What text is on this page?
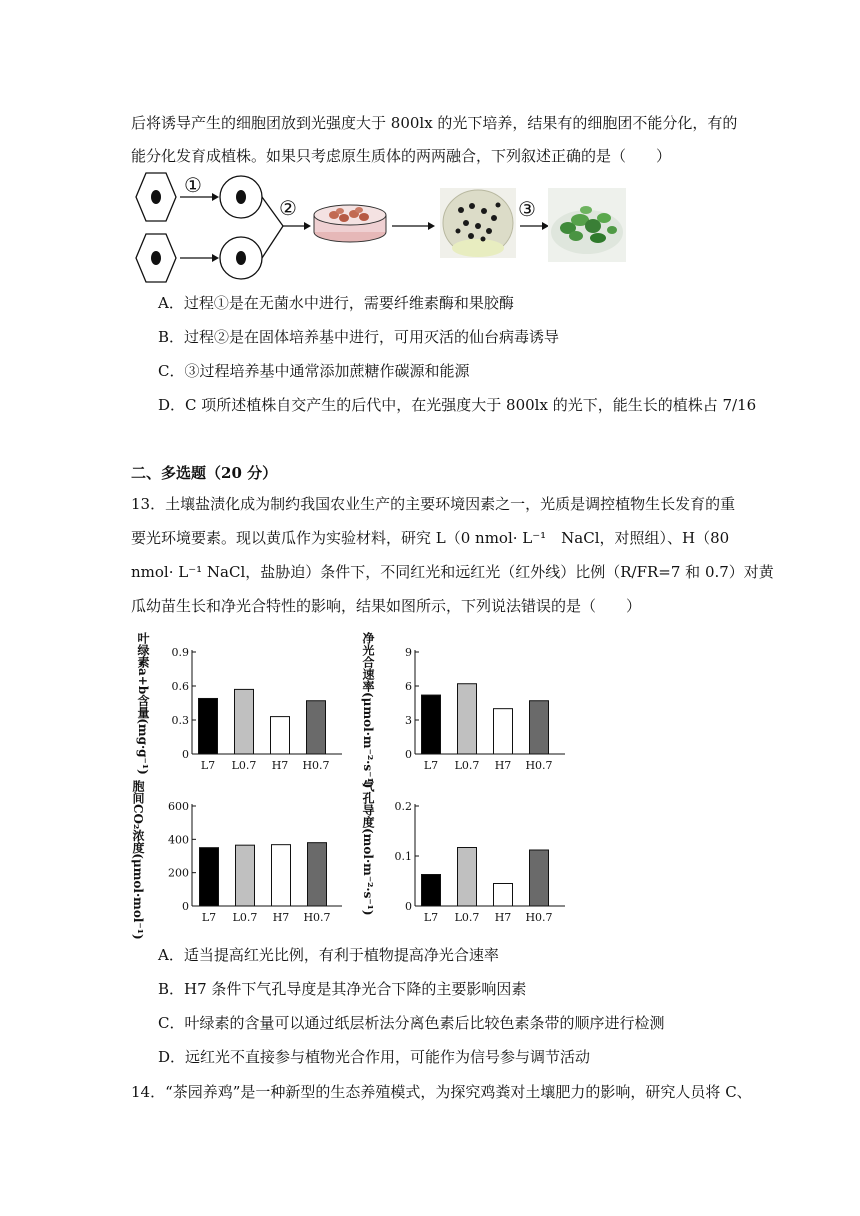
后将诱导产生的细胞团放到光强度大于 800lx 的光下培养，结果有的细胞团不能分化，有的
能分化发育成植株。如果只考虑原生质体的两两融合，下列叙述正确的是（　　）
①
②	③
A．过程①是在无菌水中进行，需要纤维素酶和果胶酶
B．过程②是在固体培养基中进行，可用灭活的仙台病毒诱导
C．③过程培养基中通常添加蔗糖作碳源和能源
D．C 项所述植株自交产生的后代中，在光强度大于 800lx 的光下，能生长的植株占 7/16
二、多选题（20 分）
13．土壤盐渍化成为制约我国农业生产的主要环境因素之一，光质是调控植物生长发育的重
要光环境要素。现以黄瓜作为实验材料，研究 L（0 nmol· L⁻¹　NaCl，对照组）、H（80
nmol· L⁻¹ NaCl，盐胁迫）条件下，不同红光和远红光（红外线）比例（R/FR=7 和 0.7）对黄
瓜幼苗生长和净光合特性的影响，结果如图所示，下列说法错误的是（　　）
叶绿素a+b含量(mg·g⁻¹)	0
0.3
0.6
0.9
L7 L0.7 H7 H0.7	净光合速率(μmol·m⁻²·s⁻¹)	0
3
6
9
L7 L0.7 H7 H0.7
胞间CO₂浓度(μmol·mol⁻¹)	0
200
400
600
L7 L0.7 H7 H0.7
气孔导度(mol·m⁻²·s⁻¹)	0
0.1
0.2
L7 L0.7 H7 H0.7
A．适当提高红光比例，有利于植物提高净光合速率
B．H7 条件下气孔导度是其净光合下降的主要影响因素
C．叶绿素的含量可以通过纸层析法分离色素后比较色素条带的顺序进行检测
D．远红光不直接参与植物光合作用，可能作为信号参与调节活动
14．“茶园养鸡”是一种新型的生态养殖模式，为探究鸡粪对土壤肥力的影响，研究人员将 C、
